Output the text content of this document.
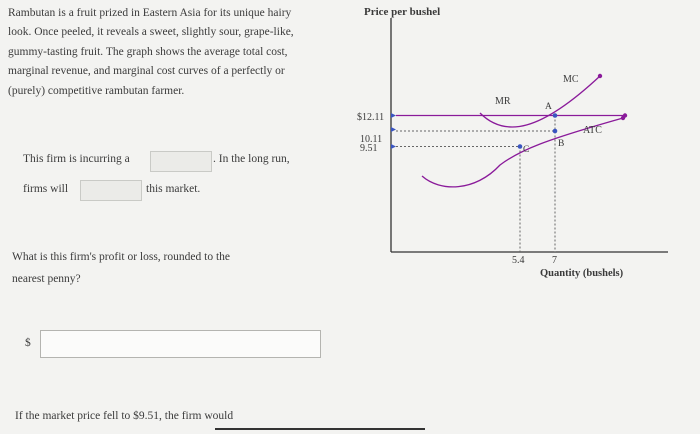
Rambutan is a fruit prized in Eastern Asia for its unique hairy
look. Once peeled, it reveals a sweet, slightly sour, grape-like,
gummy-tasting fruit. The graph shows the average total cost,
marginal revenue, and marginal cost curves of a perfectly or
(purely) competitive rambutan farmer.
This firm is incurring a	. In the long run,
firms will	this market.
What is this firm's profit or loss, rounded to the
nearest penny?
$
If the market price fell to $9.51, the firm would
Price per bushel
$12.11
10.11
9.51
MR
MC
ATC
A
B
C
5.4	7
Quantity (bushels)
